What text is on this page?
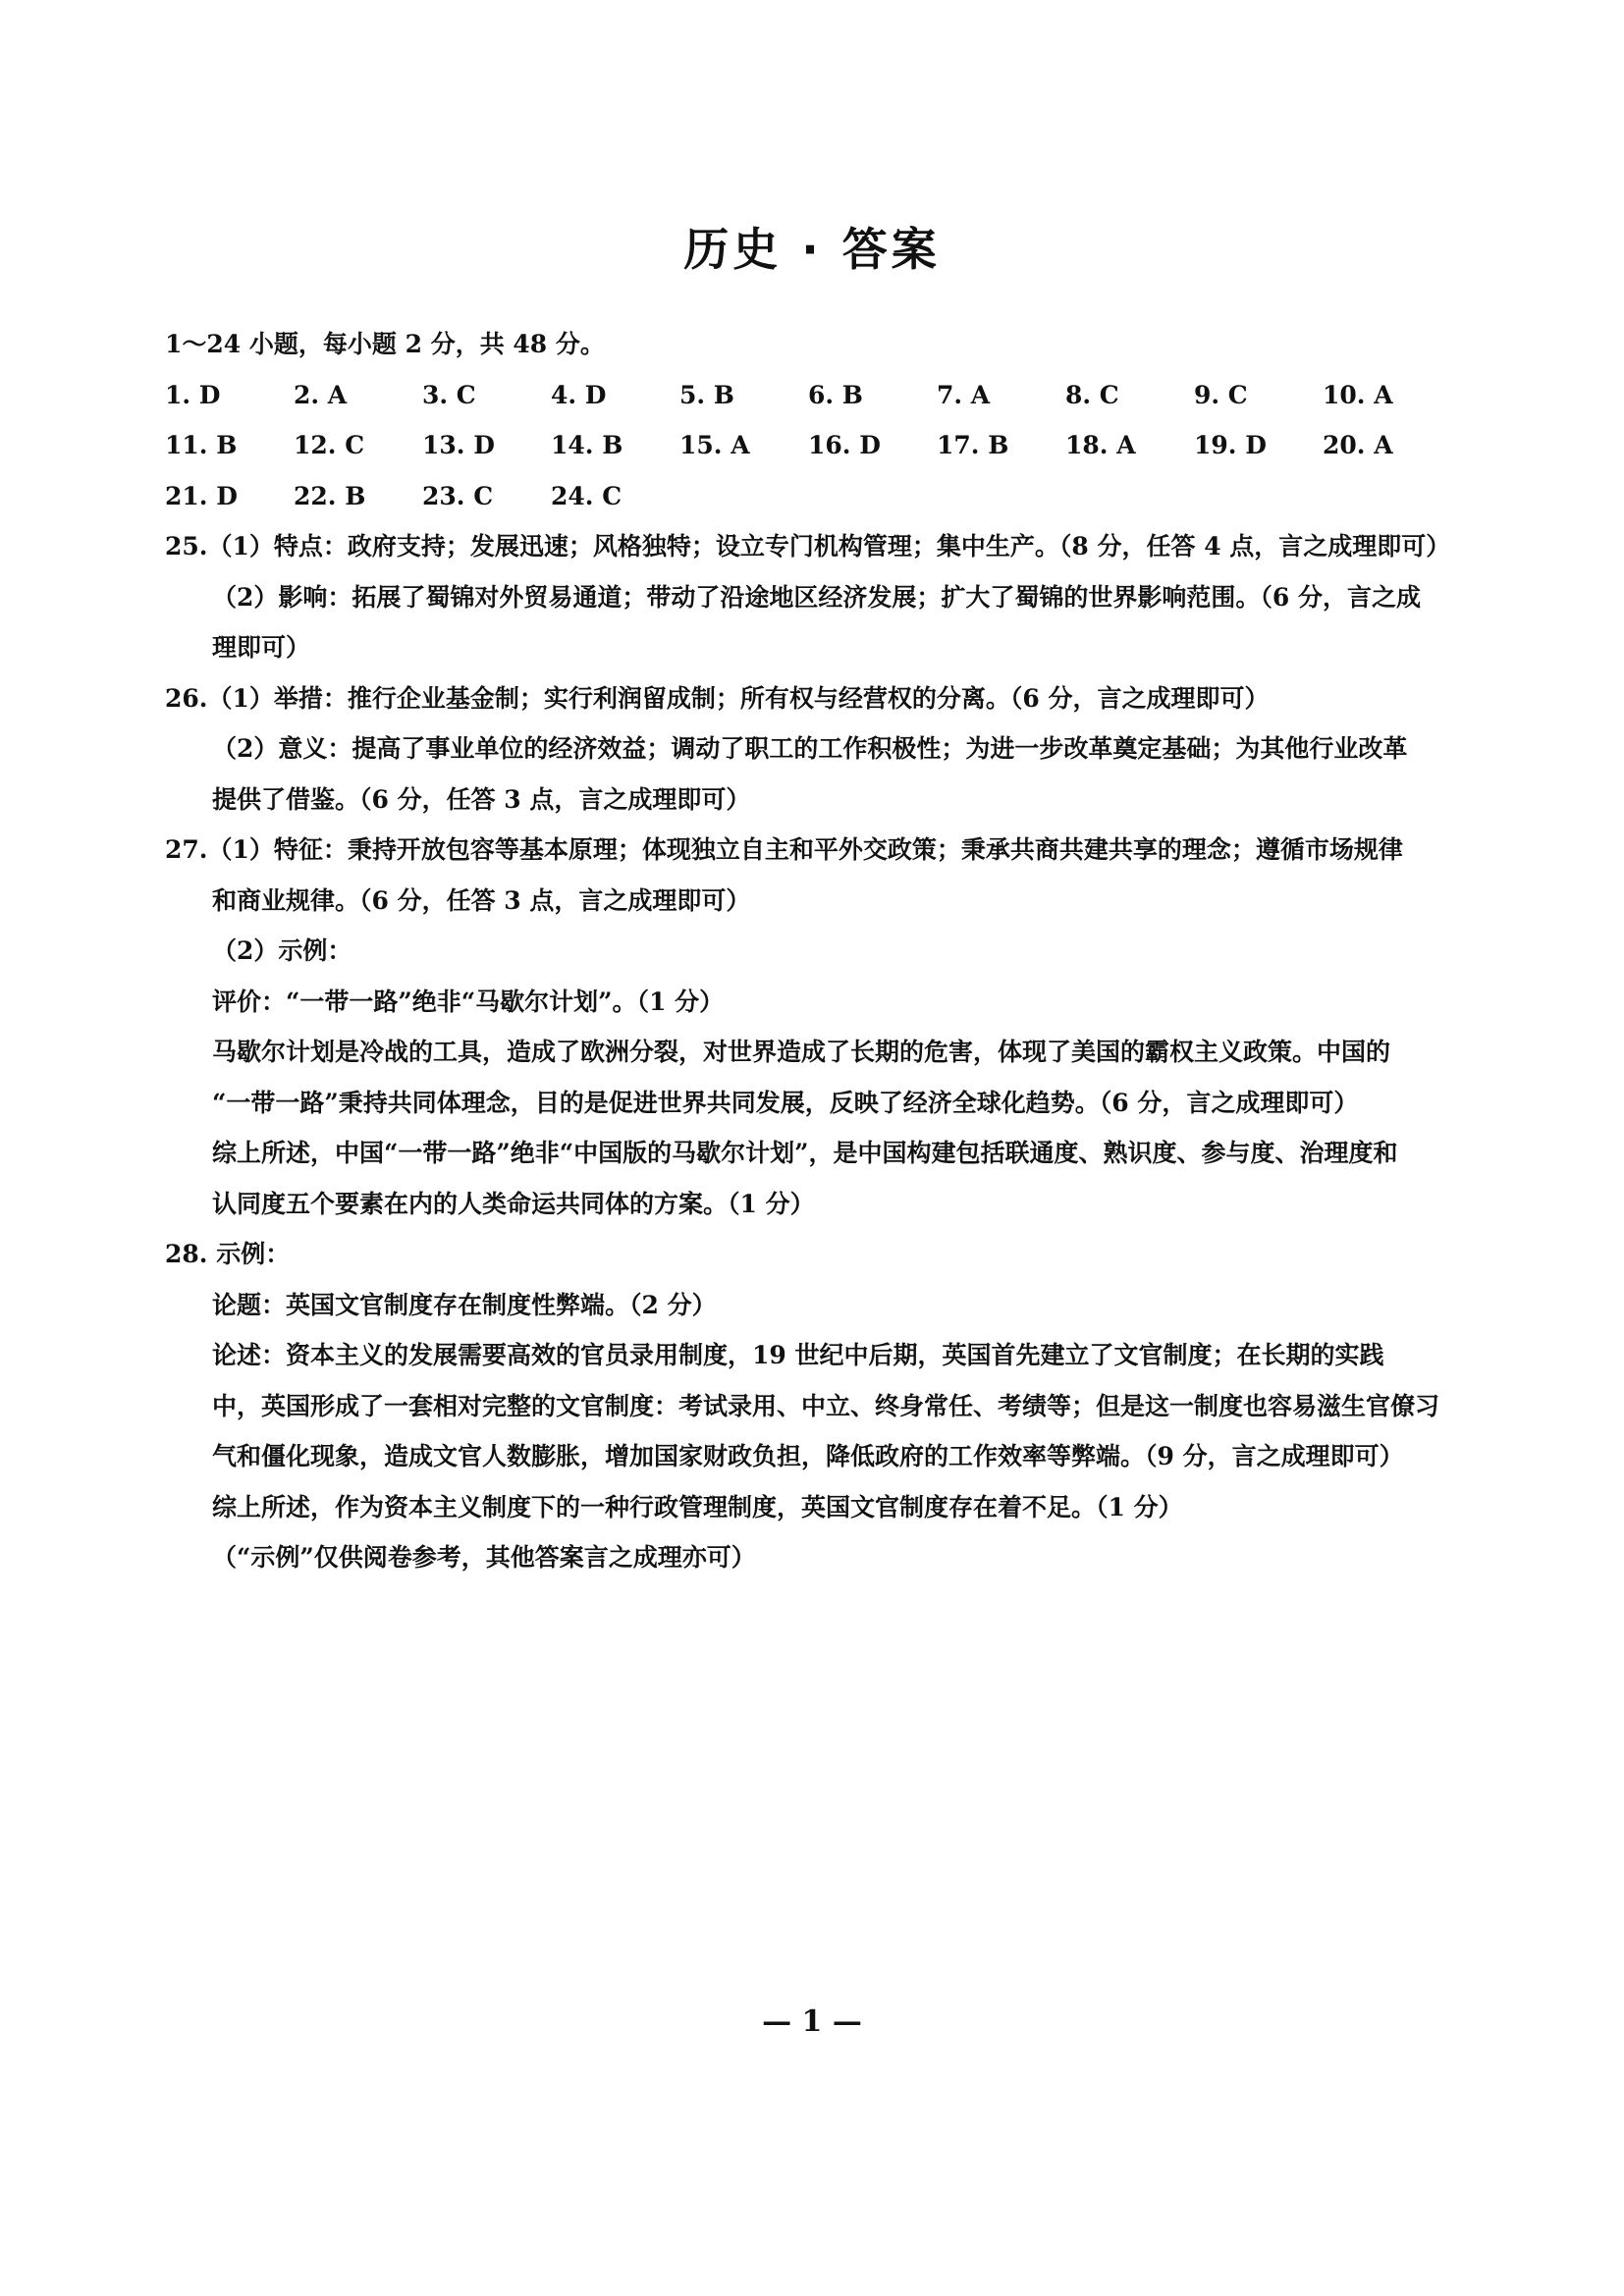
历史 · 答案
1～24 小题，每小题 2 分，共 48 分。
1. D	2. A	3. C	4. D	5. B	6. B	7. A	8. C	9. C	10. A
11. B	12. C	13. D	14. B	15. A	16. D	17. B	18. A	19. D	20. A
21. D	22. B	23. C	24. C
25.（1）特点：政府支持；发展迅速；风格独特；设立专门机构管理；集中生产。（8 分，任答 4 点，言之成理即可）
（2）影响：拓展了蜀锦对外贸易通道；带动了沿途地区经济发展；扩大了蜀锦的世界影响范围。（6 分，言之成
理即可）
26.（1）举措：推行企业基金制；实行利润留成制；所有权与经营权的分离。（6 分，言之成理即可）
（2）意义：提高了事业单位的经济效益；调动了职工的工作积极性；为进一步改革奠定基础；为其他行业改革
提供了借鉴。（6 分，任答 3 点，言之成理即可）
27.（1）特征：秉持开放包容等基本原理；体现独立自主和平外交政策；秉承共商共建共享的理念；遵循市场规律
和商业规律。（6 分，任答 3 点，言之成理即可）
（2）示例：
评价：“一带一路”绝非“马歇尔计划”。（1 分）
马歇尔计划是冷战的工具，造成了欧洲分裂，对世界造成了长期的危害，体现了美国的霸权主义政策。中国的
“一带一路”秉持共同体理念，目的是促进世界共同发展，反映了经济全球化趋势。（6 分，言之成理即可）
综上所述，中国“一带一路”绝非“中国版的马歇尔计划”，是中国构建包括联通度、熟识度、参与度、治理度和
认同度五个要素在内的人类命运共同体的方案。（1 分）
28. 示例：
论题：英国文官制度存在制度性弊端。（2 分）
论述：资本主义的发展需要高效的官员录用制度，19 世纪中后期，英国首先建立了文官制度；在长期的实践
中，英国形成了一套相对完整的文官制度：考试录用、中立、终身常任、考绩等；但是这一制度也容易滋生官僚习
气和僵化现象，造成文官人数膨胀，增加国家财政负担，降低政府的工作效率等弊端。（9 分，言之成理即可）
综上所述，作为资本主义制度下的一种行政管理制度，英国文官制度存在着不足。（1 分）
（“示例”仅供阅卷参考，其他答案言之成理亦可）
— 1 —
